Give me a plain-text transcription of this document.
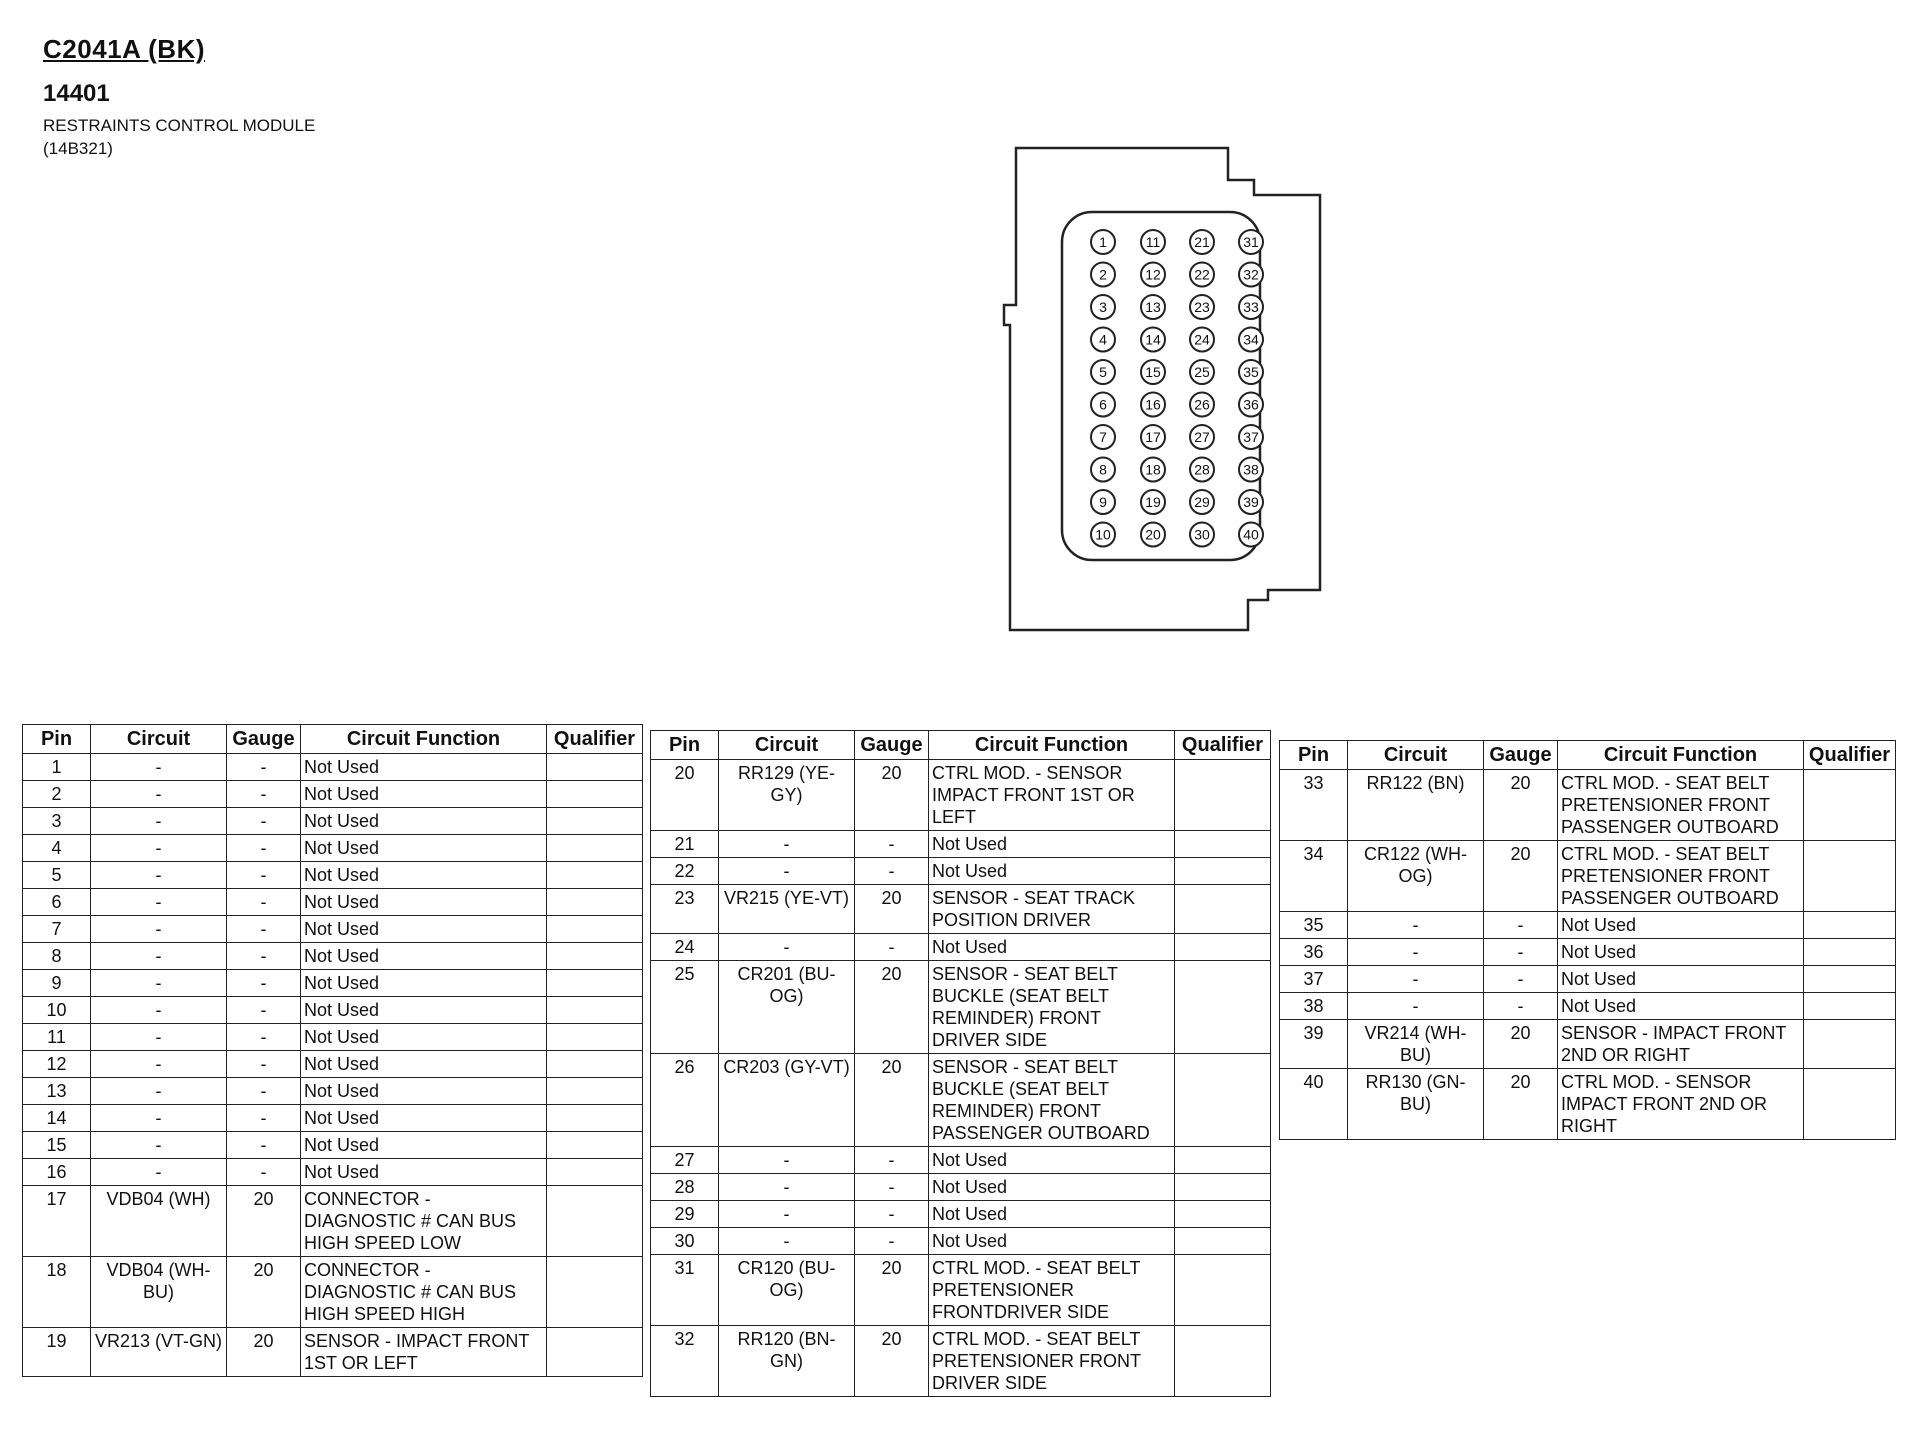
C2041A (BK)
14401
RESTRAINTS CONTROL MODULE
(14B321)
1	11 21 31
2	12 22 32
3	13 23 33
4	14 24 34
5	15 25 35
6	16 26 36
7	17 27 37
8	18 28 38
9	19 29 39
10 20 30 40
Pin	Circuit	Gauge	Circuit Function	Qualifier
1	-	-	Not Used	
2	-	-	Not Used	
3	-	-	Not Used	
4	-	-	Not Used	
5	-	-	Not Used	
6	-	-	Not Used	
7	-	-	Not Used	
8	-	-	Not Used	
9	-	-	Not Used	
10	-	-	Not Used	
11	-	-	Not Used	
12	-	-	Not Used	
13	-	-	Not Used	
14	-	-	Not Used	
15	-	-	Not Used	
16	-	-	Not Used	
17	VDB04 (WH)	20	CONNECTOR - DIAGNOSTIC # CAN BUS HIGH SPEED LOW	
18	VDB04 (WH-BU)	20	CONNECTOR - DIAGNOSTIC # CAN BUS HIGH SPEED HIGH	
19	VR213 (VT-GN)	20	SENSOR - IMPACT FRONT 1ST OR LEFT	
Pin	Circuit	Gauge	Circuit Function	Qualifier
20	RR129 (YE-GY)	20	CTRL MOD. - SENSOR IMPACT FRONT 1ST OR LEFT	
21	-	-	Not Used	
22	-	-	Not Used	
23	VR215 (YE-VT)	20	SENSOR - SEAT TRACK POSITION DRIVER	
24	-	-	Not Used	
25	CR201 (BU-OG)	20	SENSOR - SEAT BELT BUCKLE (SEAT BELT REMINDER) FRONT DRIVER SIDE	
26	CR203 (GY-VT)	20	SENSOR - SEAT BELT BUCKLE (SEAT BELT REMINDER) FRONT PASSENGER OUTBOARD	
27	-	-	Not Used	
28	-	-	Not Used	
29	-	-	Not Used	
30	-	-	Not Used	
31	CR120 (BU-OG)	20	CTRL MOD. - SEAT BELT PRETENSIONER FRONTDRIVER SIDE	
32	RR120 (BN-GN)	20	CTRL MOD. - SEAT BELT PRETENSIONER FRONT DRIVER SIDE	
Pin	Circuit	Gauge	Circuit Function	Qualifier
33	RR122 (BN)	20	CTRL MOD. - SEAT BELT PRETENSIONER FRONT PASSENGER OUTBOARD	
34	CR122 (WH-OG)	20	CTRL MOD. - SEAT BELT PRETENSIONER FRONT PASSENGER OUTBOARD	
35	-	-	Not Used	
36	-	-	Not Used	
37	-	-	Not Used	
38	-	-	Not Used	
39	VR214 (WH-BU)	20	SENSOR - IMPACT FRONT 2ND OR RIGHT	
40	RR130 (GN-BU)	20	CTRL MOD. - SENSOR IMPACT FRONT 2ND OR RIGHT	
